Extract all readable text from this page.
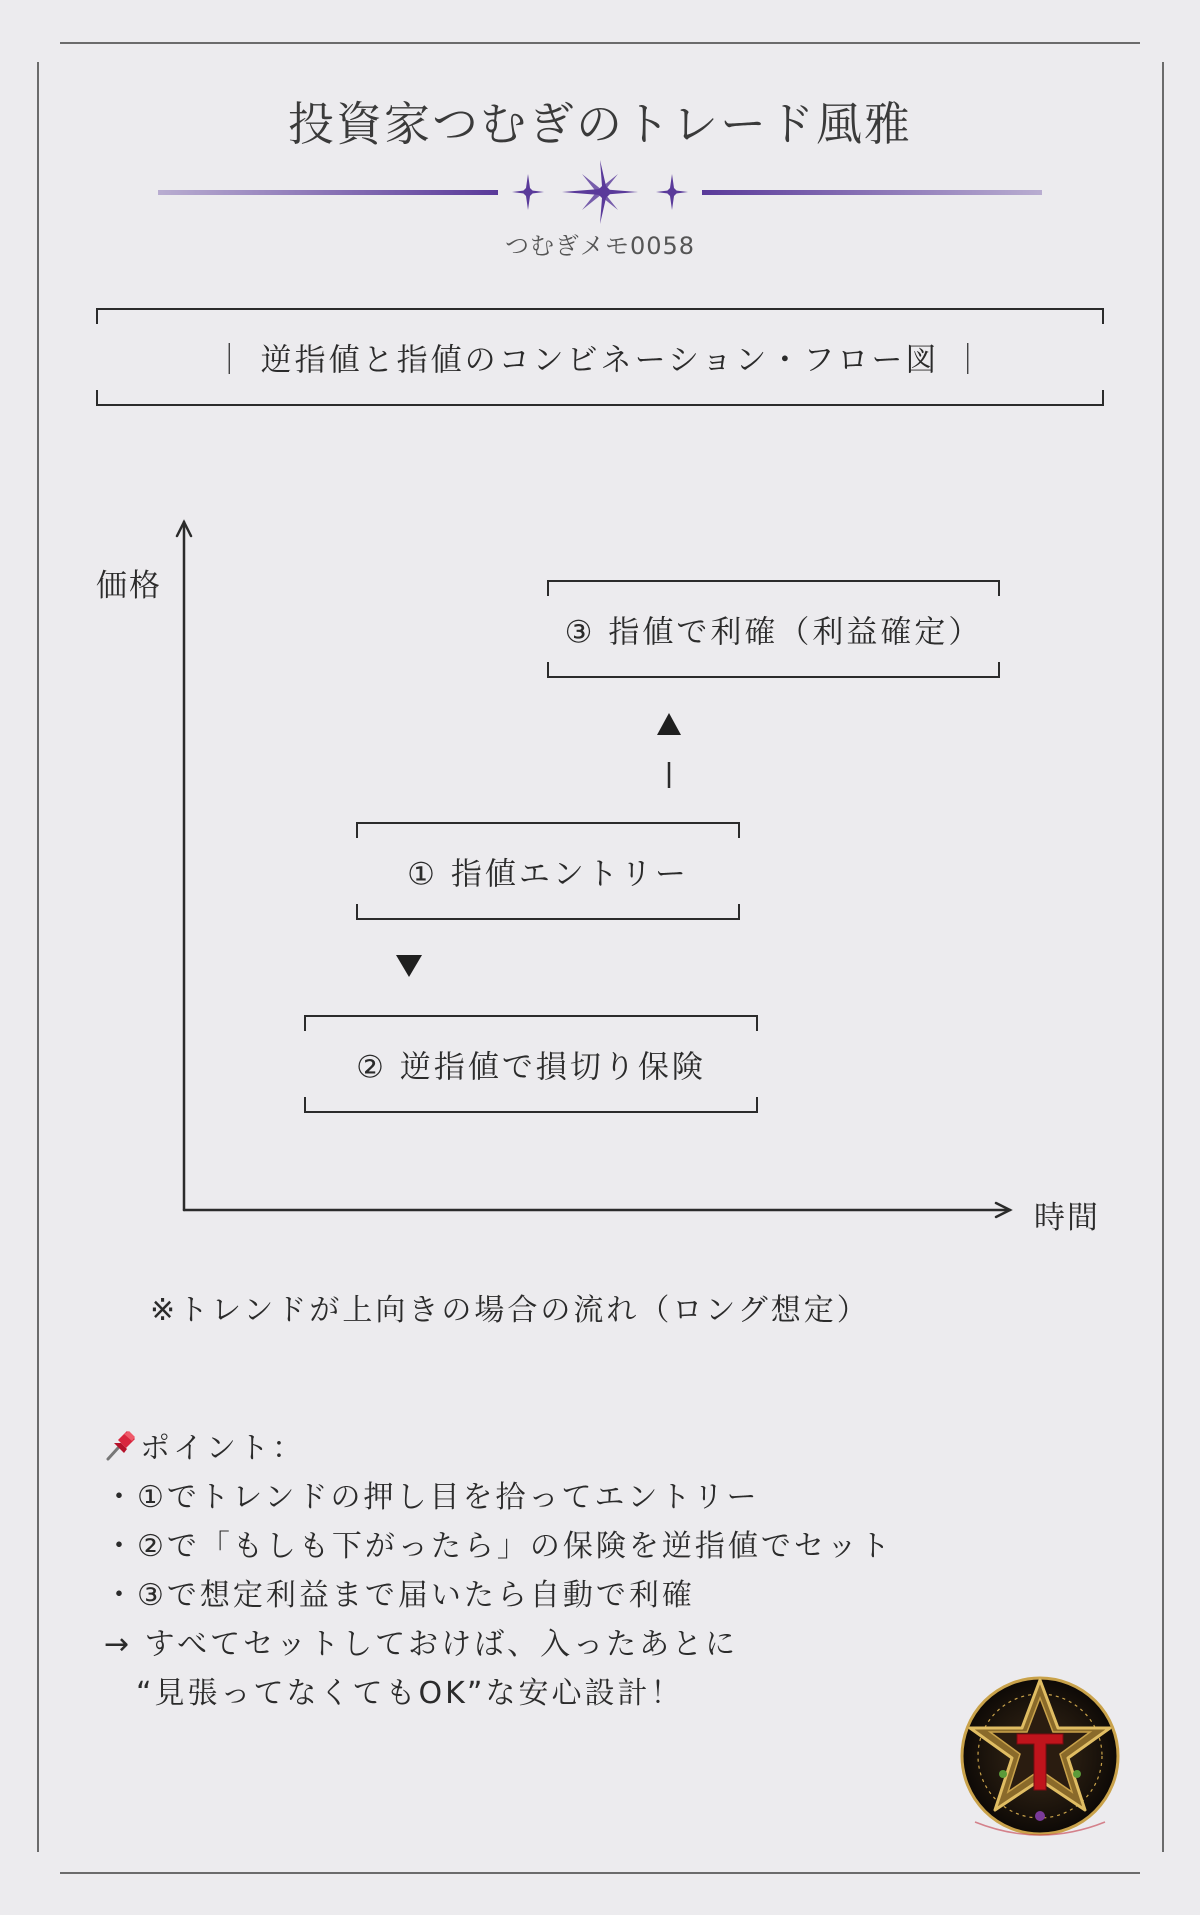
投資家つむぎのトレード風雅
つむぎメモ0058
｜ 逆指値と指値のコンビネーション・フロー図 ｜
価格
時間
③ 指値で利確（利益確定）
① 指値エントリー
② 逆指値で損切り保険
※トレンドが上向きの場合の流れ（ロング想定）
ポイント：
・①でトレンドの押し目を拾ってエントリー
・②で「もしも下がったら」の保険を逆指値でセット
・③で想定利益まで届いたら自動で利確
→ すべてセットしておけば、入ったあとに
“見張ってなくてもOK”な安心設計！
